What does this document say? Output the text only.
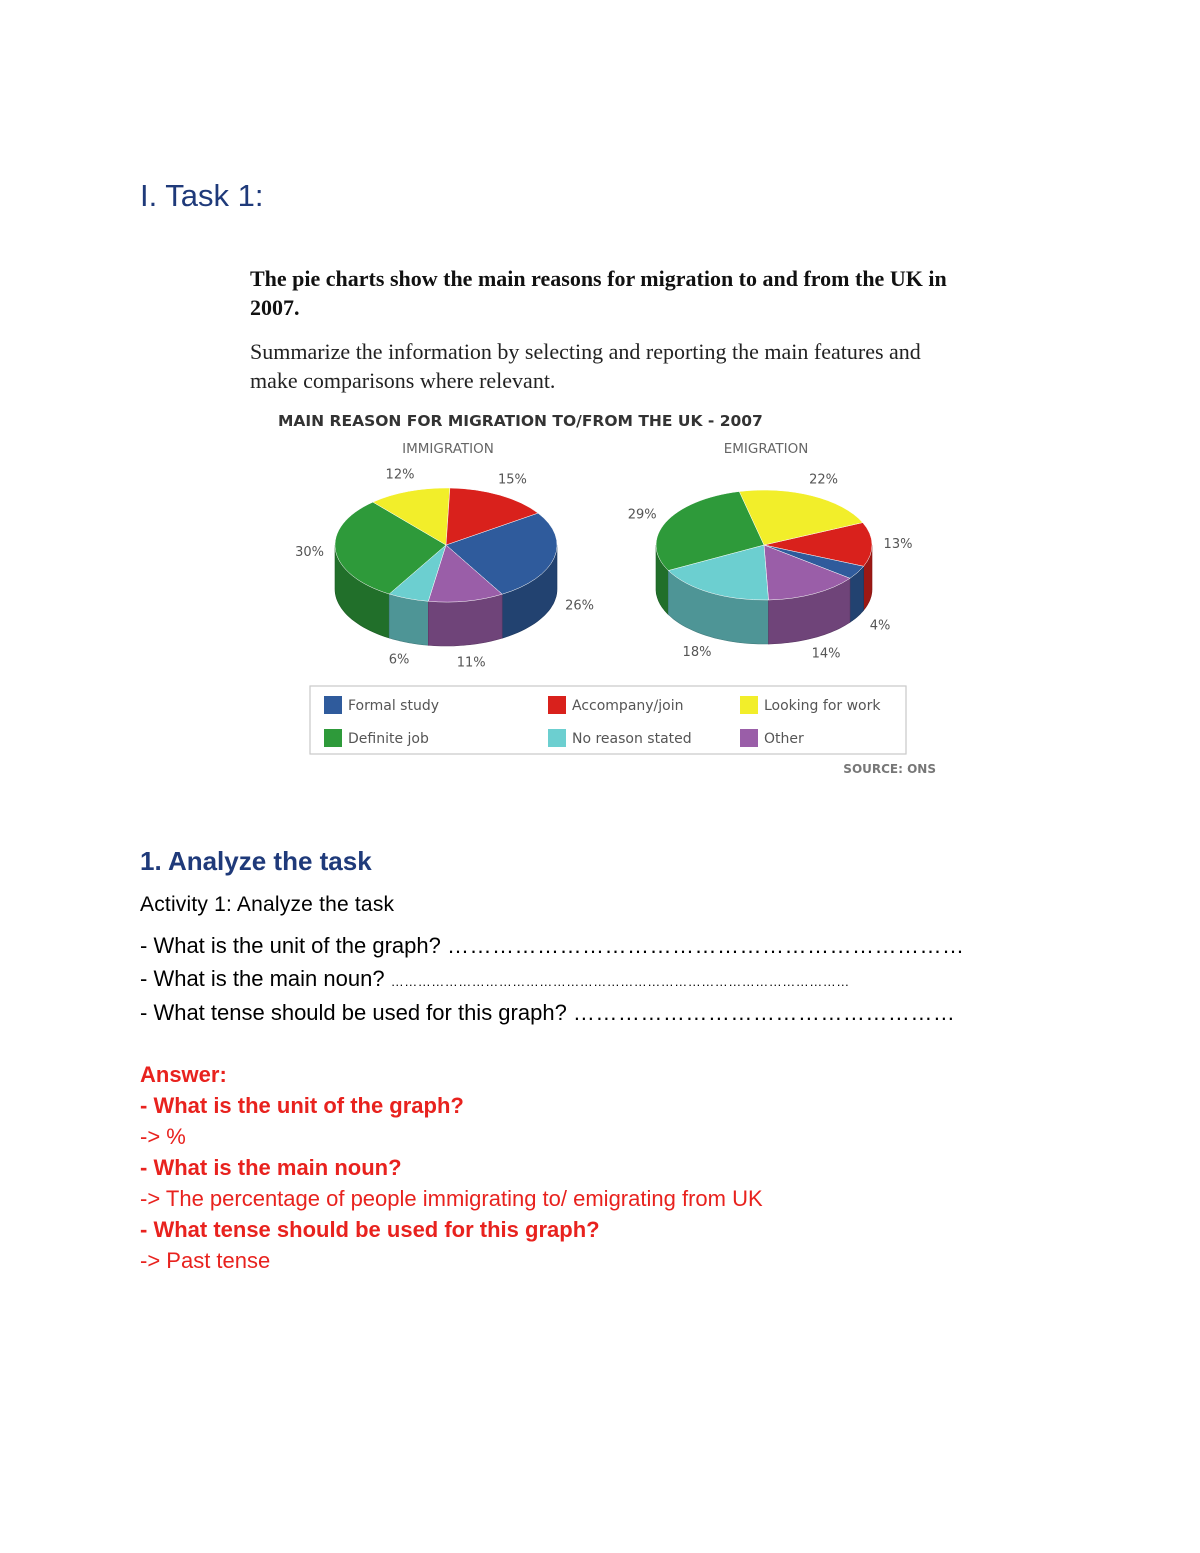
I. Task 1:
The pie charts show the main reasons for migration to and from the UK in 2007.
Summarize the information by selecting and reporting the main features and make comparisons where relevant.
MAIN REASON FOR MIGRATION TO/FROM THE UK - 2007
IMMIGRATION	EMIGRATION
26%
11%
6%
30%
12%	15%
13%
4%
14%
18%
29%
22%
Formal study	Accompany/join	Looking for work
Definite job	No reason stated	Other
SOURCE: ONS
1. Analyze the task
Activity 1: Analyze the task
- What is the unit of the graph? ……………………………………………………………
- What is the main noun? …………………………………………………………………………………………
- What tense should be used for this graph? ……………………………………………
Answer:
- What is the unit of the graph?
-> %
- What is the main noun?
-> The percentage of people immigrating to/ emigrating from UK
- What tense should be used for this graph?
-> Past tense
